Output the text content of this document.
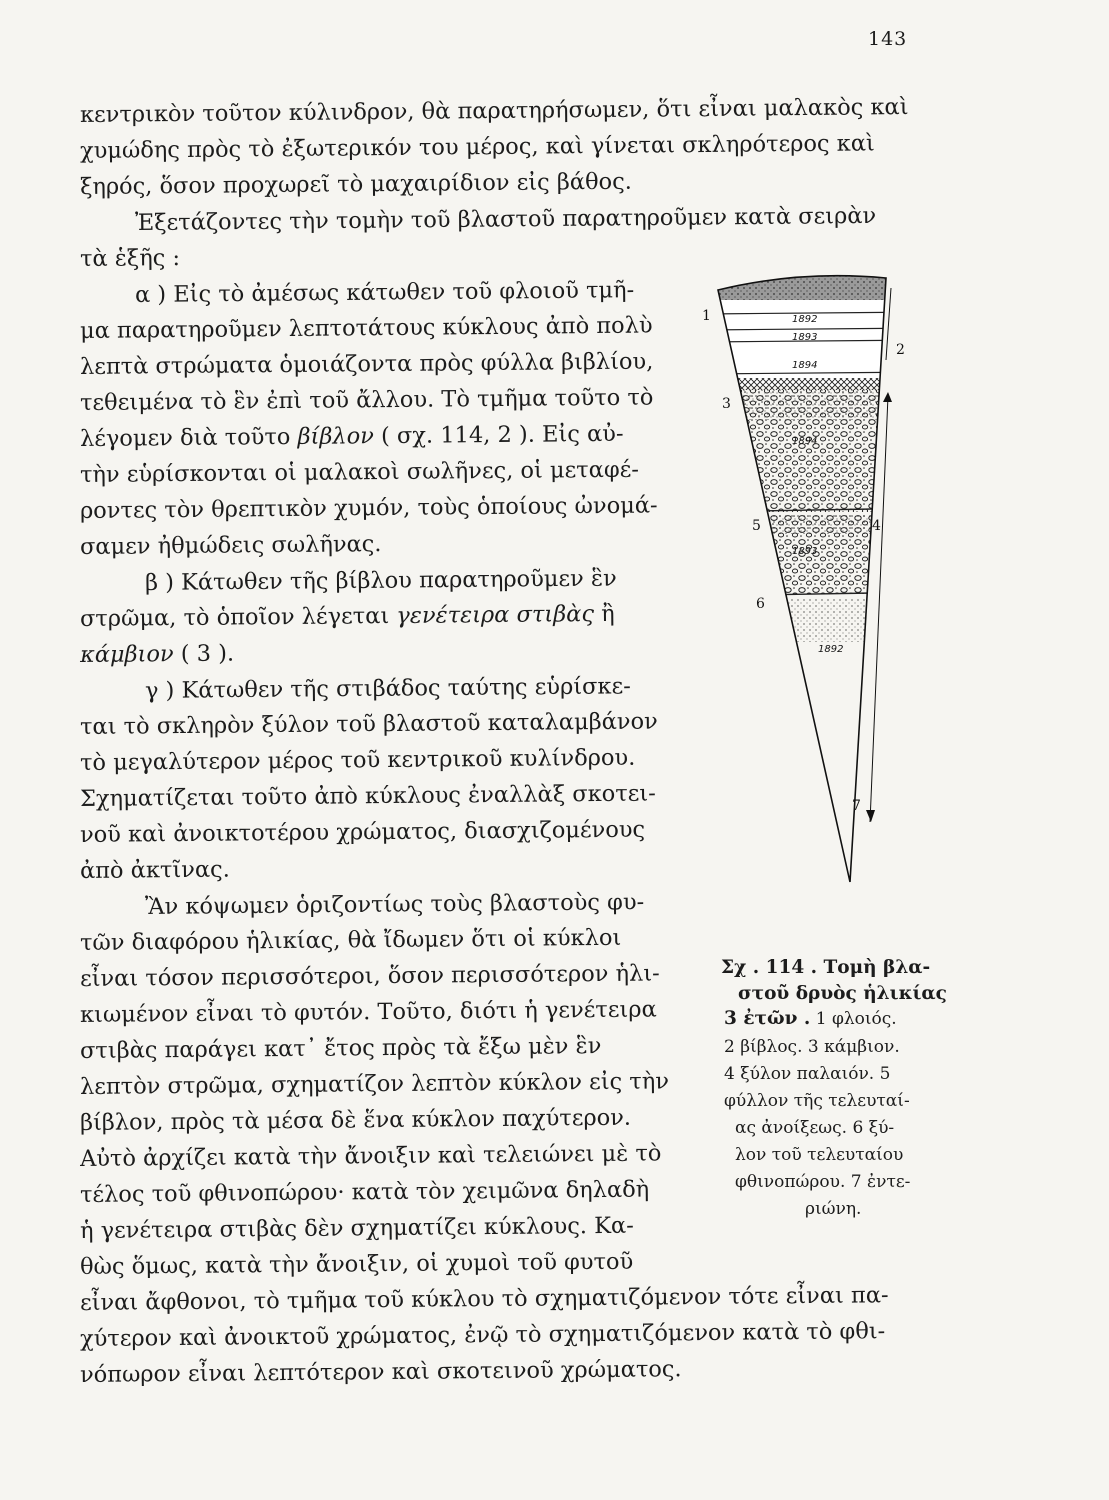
143
κεντρικὸν τοῦτον κύλινδρον, θὰ παρατηρήσωμεν, ὅτι εἶναι μαλακὸς καὶ
χυμώδης πρὸς τὸ ἐξωτερικόν του μέρος, καὶ γίνεται σκληρότερος καὶ
ξηρός, ὅσον προχωρεῖ τὸ μαχαιρίδιον εἰς βάθος.
Ἐξετάζοντες τὴν τομὴν τοῦ βλαστοῦ παρατηροῦμεν κατὰ σειρὰν
τὰ ἑξῆς :
α ) Εἰς τὸ ἀμέσως κάτωθεν τοῦ φλοιοῦ τμῆ-
μα παρατηροῦμεν λεπτοτάτους κύκλους ἀπὸ πολὺ
λεπτὰ στρώματα ὁμοιάζοντα πρὸς φύλλα βιβλίου,
τεθειμένα τὸ ἓν ἐπὶ τοῦ ἄλλου. Τὸ τμῆμα τοῦτο τὸ
λέγομεν διὰ τοῦτο βίβλον ( σχ. 114, 2 ). Εἰς αὐ-
τὴν εὑρίσκονται οἱ μαλακοὶ σωλῆνες, οἱ μεταφέ-
ροντες τὸν θρεπτικὸν χυμόν, τοὺς ὁποίους ὠνομά-
σαμεν ἠθμώδεις σωλῆνας.
β ) Κάτωθεν τῆς βίβλου παρατηροῦμεν ἓν
στρῶμα, τὸ ὁποῖον λέγεται γενέτειρα στιβὰς ἢ
κάμβιον ( 3 ).
γ ) Κάτωθεν τῆς στιβάδος ταύτης εὑρίσκε-
ται τὸ σκληρὸν ξύλον τοῦ βλαστοῦ καταλαμβάνον
τὸ μεγαλύτερον μέρος τοῦ κεντρικοῦ κυλίνδρου.
Σχηματίζεται τοῦτο ἀπὸ κύκλους ἐναλλὰξ σκοτει-
νοῦ καὶ ἀνοικτοτέρου χρώματος, διασχιζομένους
ἀπὸ ἀκτῖνας.
Ἂν κόψωμεν ὁριζοντίως τοὺς βλαστοὺς φυ-
τῶν διαφόρου ἡλικίας, θὰ ἴδωμεν ὅτι οἱ κύκλοι
εἶναι τόσον περισσότεροι, ὅσον περισσότερον ἡλι-
κιωμένον εἶναι τὸ φυτόν. Τοῦτο, διότι ἡ γενέτειρα
στιβὰς παράγει κατ᾽ ἔτος πρὸς τὰ ἔξω μὲν ἓν
λεπτὸν στρῶμα, σχηματίζον λεπτὸν κύκλον εἰς τὴν
βίβλον, πρὸς τὰ μέσα δὲ ἕνα κύκλον παχύτερον.
Αὐτὸ ἀρχίζει κατὰ τὴν ἄνοιξιν καὶ τελειώνει μὲ τὸ
τέλος τοῦ φθινοπώρου· κατὰ τὸν χειμῶνα δηλαδὴ
ἡ γενέτειρα στιβὰς δὲν σχηματίζει κύκλους. Κα-
θὼς ὅμως, κατὰ τὴν ἄνοιξιν, οἱ χυμοὶ τοῦ φυτοῦ
εἶναι ἄφθονοι, τὸ τμῆμα τοῦ κύκλου τὸ σχηματιζόμενον τότε εἶναι πα-
χύτερον καὶ ἀνοικτοῦ χρώματος, ἐνῷ τὸ σχηματιζόμενον κατὰ τὸ φθι-
νόπωρον εἶναι λεπτότερον καὶ σκοτεινοῦ χρώματος.
1892
1893
1894
1894
1893
1892
1
2
3
4
5
6
7
Σχ . 114 . Τομὴ βλα-
στοῦ δρυὸς ἡλικίας
3 ἐτῶν . 1 φλοιός.
2 βίβλος. 3 κάμβιον.
4 ξύλον παλαιόν. 5
φύλλον τῆς τελευταί-
ας ἀνοίξεως. 6 ξύ-
λον τοῦ τελευταίου
φθινοπώρου. 7 ἐντε-
ριώνη.
